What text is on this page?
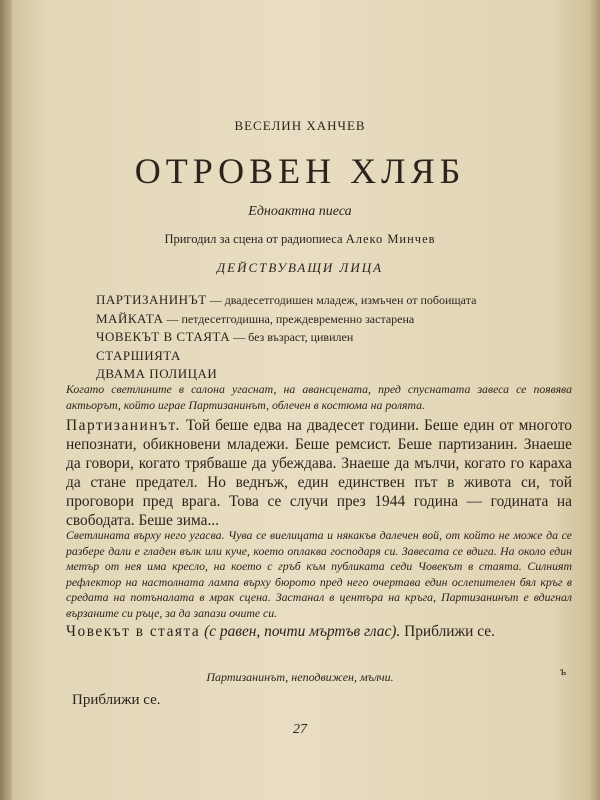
ВЕСЕЛИН ХАНЧЕВ

ОТРОВЕН ХЛЯБ

Едноактна пиеса

Пригодил за сцена от радиопиеса Алеко Минчев

ДЕЙСТВУВАЩИ ЛИЦА

ПАРТИЗАНИНЪТ — двадесетгодишен младеж, измъчен от побоищата
МАЙКАТА — петдесетгодишна, преждевременно застарена
ЧОВЕКЪТ В СТАЯТА — без възраст, цивилен
СТАРШИЯТА
ДВАМА ПОЛИЦАИ

Когато светлините в салона угаснат, на авансцената, пред спуснатата завеса се появява актьорът, който играе Партизанинът, облечен в костюма на ролята.

Партизанинът. Той беше едва на двадесет години. Беше един от многото непознати, обикновени младежи. Беше ремсист. Беше партизанин. Знаеше да говори, когато трябваше да убеждава. Знаеше да мълчи, когато го караха да стане предател. Но веднъж, един единствен път в живота си, той проговори пред врага. Това се случи през 1944 година — годината на свободата. Беше зима...

Светлината върху него угасва. Чува се виелицата и някакъв далечен вой, от който не може да се разбере дали е гладен вълк или куче, което оплаква господаря си. Завесата се вдига. На около един метър от нея има кресло, на което с гръб към публиката седи Човекът в стаята. Силният рефлектор на настолната лампа върху бюрото пред него очертава един ослепителен бял кръг в средата на потъналата в мрак сцена. Застанал в центъра на кръга, Партизанинът е вдигнал вързаните си ръце, за да запази очите си.

Човекът в стаята (с равен, почти мъртъв глас). Приближи се.

Партизанинът, неподвижен, мълчи.	ъ

Приближи се.

27
